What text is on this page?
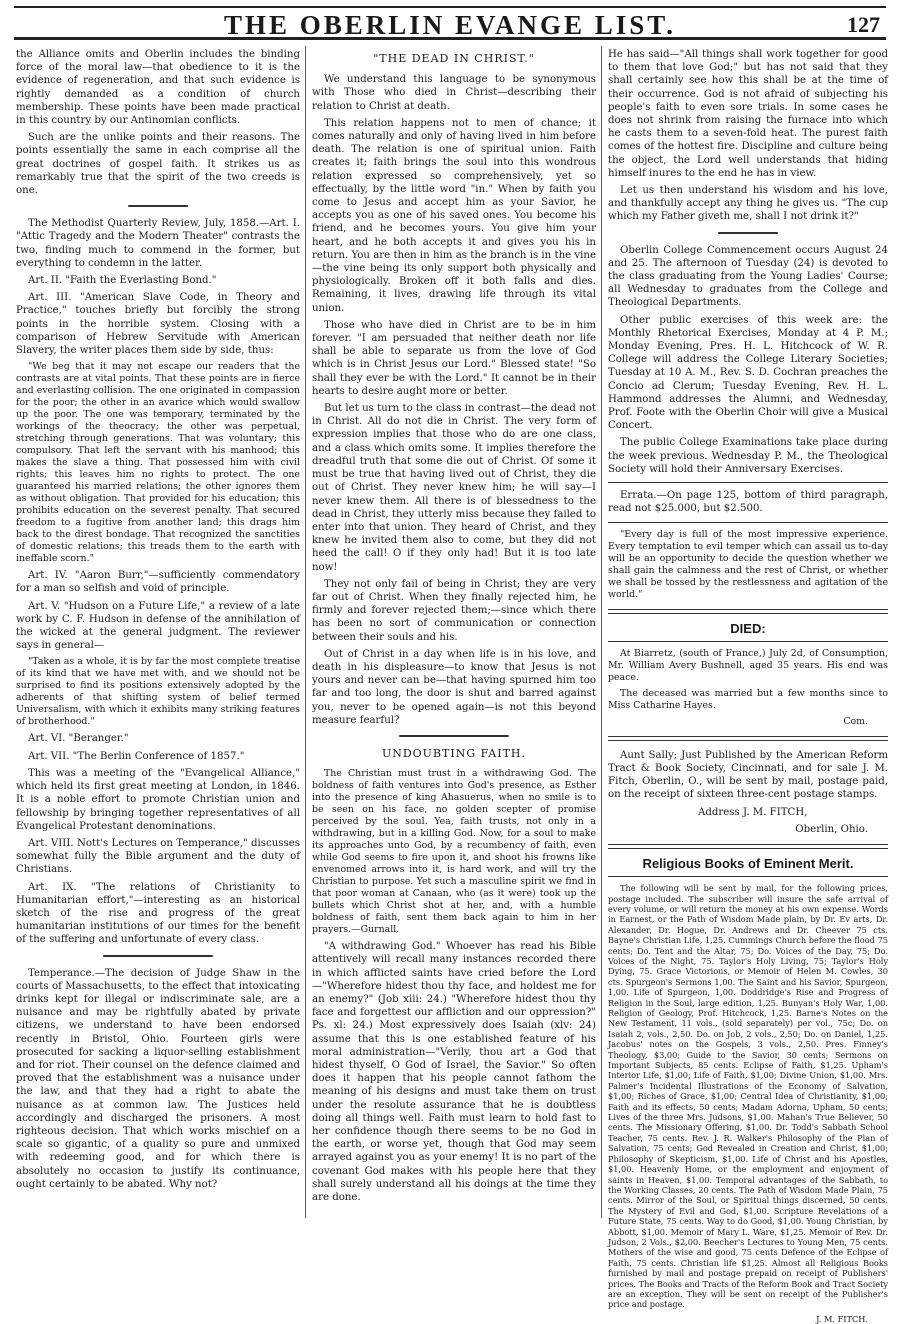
THE OBERLIN EVANGE LIST.	127

the Alliance omits and Oberlin includes the binding force of the moral law—that obedience to it is the evidence of regeneration, and that such evidence is rightly demanded as a condition of church membership. These points have been made practical in this country by our Antinomian conflicts.

Such are the unlike points and their reasons. The points essentially the same in each comprise all the great doctrines of gospel faith. It strikes us as remarkably true that the spirit of the two creeds is one.

The Methodist Quarterly Review, July, 1858.—Art. I. "Attic Tragedy and the Modern Theater" contrasts the two, finding much to commend in the former, but everything to condemn in the latter.

Art. II. "Faith the Everlasting Bond."

Art. III. "American Slave Code, in Theory and Practice," touches briefly but forcibly the strong points in the horrible system. Closing with a comparison of Hebrew Servitude with American Slavery, the writer places them side by side, thus:

"We beg that it may not escape our readers that the contrasts are at vital points. That these points are in fierce and everlasting collision. The one originated in compassion for the poor; the other in an avarice which would swallow up the poor. The one was temporary, terminated by the workings of the theocracy; the other was perpetual, stretching through generations. That was voluntary; this compulsory. That left the servant with his manhood; this makes the slave a thing. That possessed him with civil rights; this leaves him no rights to protect. The one guaranteed his married relations; the other ignores them as without obligation. That provided for his education; this prohibits education on the severest penalty. That secured freedom to a fugitive from another land; this drags him back to the direst bondage. That recognized the sanctities of domestic relations; this treads them to the earth with ineffable scorn."

Art. IV. "Aaron Burr,"—sufficiently commendatory for a man so selfish and void of principle.

Art. V. "Hudson on a Future Life," a review of a late work by C. F. Hudson in defense of the annihilation of the wicked at the general judgment. The reviewer says in general—

"Taken as a whole, it is by far the most complete treatise of its kind that we have met with, and we should not be surprised to find its positions extensively adopted by the adherents of that shifting system of belief termed Universalism, with which it exhibits many striking features of brotherhood."

Art. VI. "Beranger."

Art. VII. "The Berlin Conference of 1857."

This was a meeting of the "Evangelical Alliance," which held its first great meeting at London, in 1846. It is a noble effort to promote Christian union and fellowship by bringing together representatives of all Evangelical Protestant denominations.

Art. VIII. Nott's Lectures on Temperance," discusses somewhat fully the Bible argument and the duty of Christians.

Art. IX. "The relations of Christianity to Humanitarian effort,"—interesting as an historical sketch of the rise and progress of the great humanitarian institutions of our times for the benefit of the suffering and unfortunate of every class.

Temperance.—The decision of Judge Shaw in the courts of Massachusetts, to the effect that intoxicating drinks kept for illegal or indiscriminate sale, are a nuisance and may be rightfully abated by private citizens, we understand to have been endorsed recently in Bristol, Ohio. Fourteen girls were prosecuted for sacking a liquor-selling establishment and for riot. Their counsel on the defence claimed and proved that the establishment was a nuisance under the law, and that they had a right to abate the nuisance as at common law. The Justices held accordingly and discharged the prisoners. A most righteous decision. That which works mischief on a scale so gigantic, of a quality so pure and unmixed with redeeming good, and for which there is absolutely no occasion to justify its continuance, ought certainly to be abated. Why not?

"THE DEAD IN CHRIST."

We understand this language to be synonymous with Those who died in Christ—describing their relation to Christ at death.

This relation happens not to men of chance; it comes naturally and only of having lived in him before death. The relation is one of spiritual union. Faith creates it; faith brings the soul into this wondrous relation expressed so comprehensively, yet so effectually, by the little word "in." When by faith you come to Jesus and accept him as your Savior, he accepts you as one of his saved ones. You become his friend, and he becomes yours. You give him your heart, and he both accepts it and gives you his in return. You are then in him as the branch is in the vine—the vine being its only support both physically and physiologically. Broken off it both falls and dies. Remaining, it lives, drawing life through its vital union.

Those who have died in Christ are to be in him forever. "I am persuaded that neither death nor life shall be able to separate us from the love of God which is in Christ Jesus our Lord." Blessed state! "So shall they ever be with the Lord." It cannot be in their hearts to desire aught more or better.

But let us turn to the class in contrast—the dead not in Christ. All do not die in Christ. The very form of expression implies that those who do are one class, and a class which omits some. It implies therefore the dreadful truth that some die out of Christ. Of some it must be true that having lived out of Christ, they die out of Christ. They never knew him; he will say—I never knew them. All there is of blessedness to the dead in Christ, they utterly miss because they failed to enter into that union. They heard of Christ, and they knew he invited them also to come, but they did not heed the call! O if they only had! But it is too late now!

They not only fail of being in Christ; they are very far out of Christ. When they finally rejected him, he firmly and forever rejected them;—since which there has been no sort of communication or connection between their souls and his.

Out of Christ in a day when life is in his love, and death in his displeasure—to know that Jesus is not yours and never can be—that having spurned him too far and too long, the door is shut and barred against you, never to be opened again—is not this beyond measure fearful?

UNDOUBTING FAITH.

The Christian must trust in a withdrawing God. The boldness of faith ventures into God's presence, as Esther into the presence of king Ahasuerus, when no smile is to be seen on his face, no golden scepter of promise perceived by the soul. Yea, faith trusts, not only in a withdrawing, but in a killing God. Now, for a soul to make its approaches unto God, by a recumbency of faith, even while God seems to fire upon it, and shoot his frowns like envenomed arrows into it, is hard work, and will try the Christian to purpose. Yet such a masculine spirit we find in that poor woman at Canaan, who (as it were) took up the bullets which Christ shot at her, and, with a humble boldness of faith, sent them back again to him in her prayers.—Gurnall.

"A withdrawing God." Whoever has read his Bible attentively will recall many instances recorded there in which afflicted saints have cried before the Lord—"Wherefore hidest thou thy face, and holdest me for an enemy?" (Job xiii: 24.) "Wherefore hidest thou thy face and forgettest our affliction and our oppression?" Ps. xl: 24.) Most expressively does Isaiah (xlv: 24) assume that this is one established feature of his moral administration—"Verily, thou art a God that hidest thyself, O God of Israel, the Savior." So often does it happen that his people cannot fathom the meaning of his designs and must take them on trust under the resolute assurance that he is doubtless doing all things well. Faith must learn to hold fast to her confidence though there seems to be no God in the earth, or worse yet, though that God may seem arrayed against you as your enemy! It is no part of the covenant God makes with his people here that they shall surely understand all his doings at the time they are done.

He has said—"All things shall work together for good to them that love God;" but has not said that they shall certainly see how this shall be at the time of their occurrence. God is not afraid of subjecting his people's faith to even sore trials. In some cases he does not shrink from raising the furnace into which he casts them to a seven-fold heat. The purest faith comes of the hottest fire. Discipline and culture being the object, the Lord well understands that hiding himself inures to the end he has in view.

Let us then understand his wisdom and his love, and thankfully accept any thing he gives us. "The cup which my Father giveth me, shall I not drink it?"

Oberlin College Commencement occurs August 24 and 25. The afternoon of Tuesday (24) is devoted to the class graduating from the Young Ladies' Course; all Wednesday to graduates from the College and Theological Departments.

Other public exercises of this week are: the Monthly Rhetorical Exercises, Monday at 4 P. M.; Monday Evening, Pres. H. L. Hitchcock of W. R. College will address the College Literary Societies; Tuesday at 10 A. M., Rev. S. D. Cochran preaches the Concio ad Clerum; Tuesday Evening, Rev. H. L. Hammond addresses the Alumni, and Wednesday, Prof. Foote with the Oberlin Choir will give a Musical Concert.

The public College Examinations take place during the week previous. Wednesday P. M., the Theological Society will hold their Anniversary Exercises.

Errata.—On page 125, bottom of third paragraph, read not $25.000, but $2.500.

"Every day is full of the most impressive experience. Every temptation to evil temper which can assail us to-day will be an opportunity to decide the question whether we shall gain the calmness and the rest of Christ, or whether we shall be tossed by the restlessness and agitation of the world."

DIED:

At Biarretz, (south of France,) July 2d, of Consumption, Mr. William Avery Bushnell, aged 35 years. His end was peace.

The deceased was married but a few months since to Miss Catharine Hayes.

Com.

Aunt Sally; Just Published by the American Reform Tract & Book Society, Cincinnati, and for sale J. M. Fitch, Oberlin, O., will be sent by mail, postage paid, on the receipt of sixteen three-cent postage stamps.

Address J. M. FITCH,

Oberlin, Ohio.

Religious Books of Eminent Merit.

The following will be sent by mail, for the following prices, postage included. The subscriber will insure the safe arrival of every volume, or will return the money at his own expense. Words in Earnest, or the Path of Wisdom Made plain, by Dr. Ev arts, Dr. Alexander, Dr. Hogue, Dr. Andrews and Dr. Cheever 75 cts. Bayne's Christian Life, 1,25. Cummings Church before the flood 75 cents; Do. Tent and the Altar, 75; Do. Voices of the Day, 75; Do. Voices of the Night, 75. Taylor's Holy Living, 75; Taylor's Holy Dying, 75. Grace Victorious, or Memoir of Helen M. Cowles, 30 cts. Spurgeon's Sermons 1,00. The Saint and his Savior, Spurgeon, 1,00. Life of Spurgeon, 1,00. Doddridge's Rise and Progress of Religion in the Soul, large edition, 1,25. Bunyan's Holy War, 1,00. Religion of Geology, Prof. Hitchcock, 1,25. Barne's Notes on the New Testament, 11 vols., (sold separately) per vol., 75c; Do. on Isaiah 2, vols., 2,50. Do. on Job, 2 vols., 2,50; Do. on Daniel, 1,25. Jacobus' notes on the Gospels, 3 vols., 2,50. Pres. Finney's Theology, $3,00; Guide to the Savior, 30 cents; Sermons on Important Subjects, 85 cents. Eclipse of Faith, $1,25. Upham's Interior Life, $1,00; Life of Faith, $1,00; Divine Union, $1,00. Mrs. Palmer's Incidental Illustrations of the Economy of Salvation, $1,00; Riches of Grace, $1,00; Central Idea of Christianity, $1,00; Faith and its effects, 50 cents; Madam Adorna, Upham, 50 cents; Lives of the three Mrs. Judsons, $1,00. Mahan's True Believer, 50 cents. The Missionary Offering, $1,00. Dr. Todd's Sabbath School Teacher, 75 cents. Rev. J. R. Walker's Philosophy of the Plan of Salvation, 75 cents; God Revealed in Creation and Christ, $1,00; Philosophy of Skepticism, $1,00. Life of Christ and his Apostles, $1,00. Heavenly Home, or the employment and enjoyment of saints in Heaven, $1,00. Temporal advantages of the Sabbath, to the Working Classes, 20 cents. The Path of Wisdom Made Plain, 75 cents. Mirror of the Soul, or Spiritual things discerned, 50 cents. The Mystery of Evil and God, $1,00. Scripture Revelations of a Future State, 75 cents. Way to do Good, $1,00. Young Christian, by Abbott, $1,00. Memoir of Mary L. Ware, $1,25. Memoir of Rev. Dr. Judson, 2 Vols., $2,00. Beecher's Lectures to Young Men, 75 cents. Mothers of the wise and good, 75 cents Defence of the Eclipse of Faith, 75 cents. Christian life $1,25. Almost all Religious Books furnished by mail and postage prepaid on receipt of Publishers' prices. The Books and Tracts of the Reform Book and Tract Society are an exception. They will be sent on receipt of the Publisher's price and postage.

J. M. FITCH.
